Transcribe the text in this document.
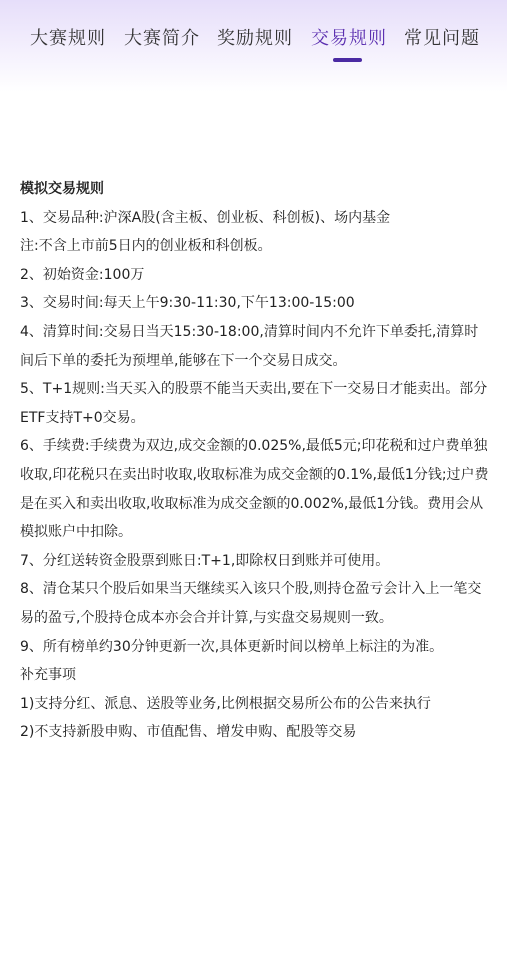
大赛规则 大赛简介 奖励规则 交易规则 常见问题

模拟交易规则

1、交易品种:沪深A股(含主板、创业板、科创板)、场内基金

注:不含上市前5日内的创业板和科创板。

2、初始资金:100万

3、交易时间:每天上午9:30-11:30,下午13:00-15:00

4、清算时间:交易日当天15:30-18:00,清算时间内不允许下单委托,清算时间后下单的委托为预埋单,能够在下一个交易日成交。

5、T+1规则:当天买入的股票不能当天卖出,要在下一交易日才能卖出。部分ETF支持T+0交易。

6、手续费:手续费为双边,成交金额的0.025%,最低5元;印花税和过户费单独收取,印花税只在卖出时收取,收取标准为成交金额的0.1%,最低1分钱;过户费是在买入和卖出收取,收取标准为成交金额的0.002%,最低1分钱。费用会从模拟账户中扣除。

7、分红送转资金股票到账日:T+1,即除权日到账并可使用。

8、清仓某只个股后如果当天继续买入该只个股,则持仓盈亏会计入上一笔交易的盈亏,个股持仓成本亦会合并计算,与实盘交易规则一致。

9、所有榜单约30分钟更新一次,具体更新时间以榜单上标注的为准。

补充事项

1)支持分红、派息、送股等业务,比例根据交易所公布的公告来执行

2)不支持新股申购、市值配售、增发申购、配股等交易
